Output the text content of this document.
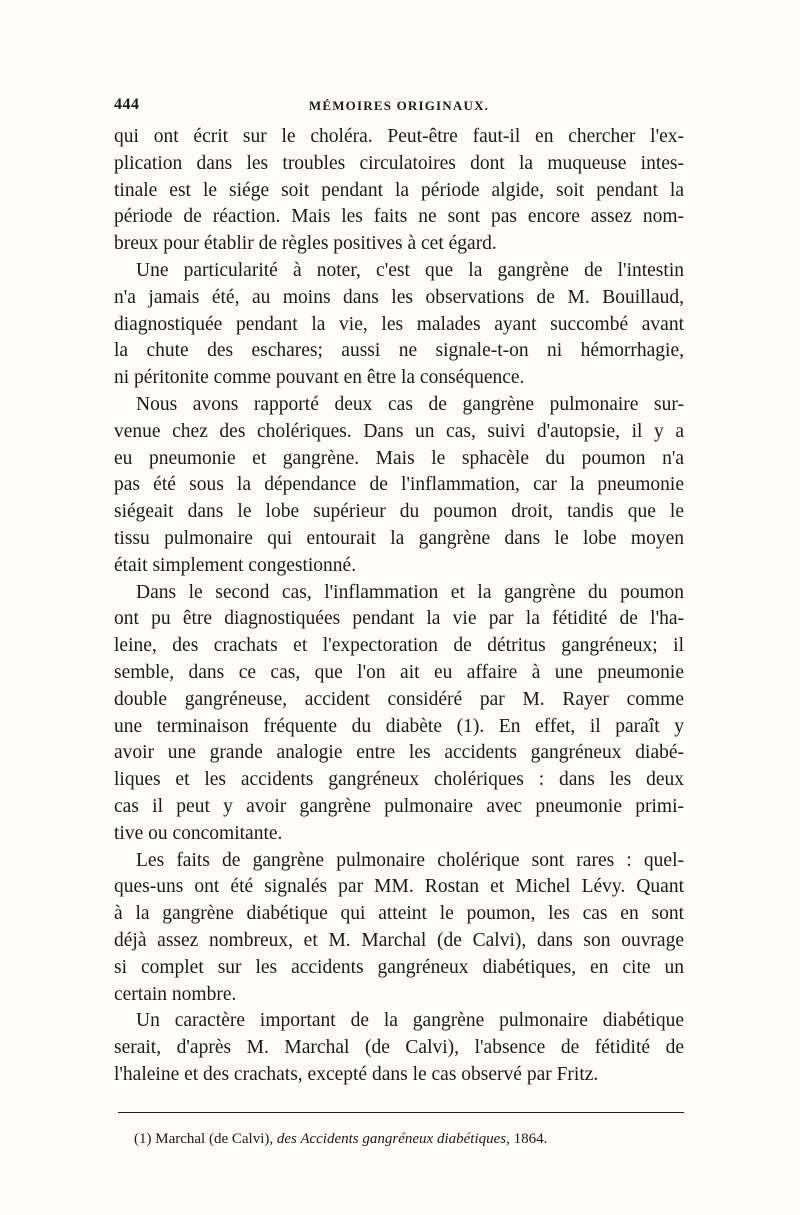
444	MÉMOIRES ORIGINAUX.
qui ont écrit sur le choléra. Peut-être faut-il en chercher l'ex-
plication dans les troubles circulatoires dont la muqueuse intes-
tinale est le siége soit pendant la période algide, soit pendant la
période de réaction. Mais les faits ne sont pas encore assez nom-
breux pour établir de règles positives à cet égard.
Une particularité à noter, c'est que la gangrène de l'intestin
n'a jamais été, au moins dans les observations de M. Bouillaud,
diagnostiquée pendant la vie, les malades ayant succombé avant
la chute des eschares; aussi ne signale-t-on ni hémorrhagie,
ni péritonite comme pouvant en être la conséquence.
Nous avons rapporté deux cas de gangrène pulmonaire sur-
venue chez des cholériques. Dans un cas, suivi d'autopsie, il y a
eu pneumonie et gangrène. Mais le sphacèle du poumon n'a
pas été sous la dépendance de l'inflammation, car la pneumonie
siégeait dans le lobe supérieur du poumon droit, tandis que le
tissu pulmonaire qui entourait la gangrène dans le lobe moyen
était simplement congestionné.
Dans le second cas, l'inflammation et la gangrène du poumon
ont pu être diagnostiquées pendant la vie par la fétidité de l'ha-
leine, des crachats et l'expectoration de détritus gangréneux; il
semble, dans ce cas, que l'on ait eu affaire à une pneumonie
double gangréneuse, accident considéré par M. Rayer comme
une terminaison fréquente du diabète (1). En effet, il paraît y
avoir une grande analogie entre les accidents gangréneux diabé-
liques et les accidents gangréneux cholériques : dans les deux
cas il peut y avoir gangrène pulmonaire avec pneumonie primi-
tive ou concomitante.
Les faits de gangrène pulmonaire cholérique sont rares : quel-
ques-uns ont été signalés par MM. Rostan et Michel Lévy. Quant
à la gangrène diabétique qui atteint le poumon, les cas en sont
déjà assez nombreux, et M. Marchal (de Calvi), dans son ouvrage
si complet sur les accidents gangréneux diabétiques, en cite un
certain nombre.
Un caractère important de la gangrène pulmonaire diabétique
serait, d'après M. Marchal (de Calvi), l'absence de fétidité de
l'haleine et des crachats, excepté dans le cas observé par Fritz.
(1) Marchal (de Calvi), des Accidents gangréneux diabétiques, 1864.
